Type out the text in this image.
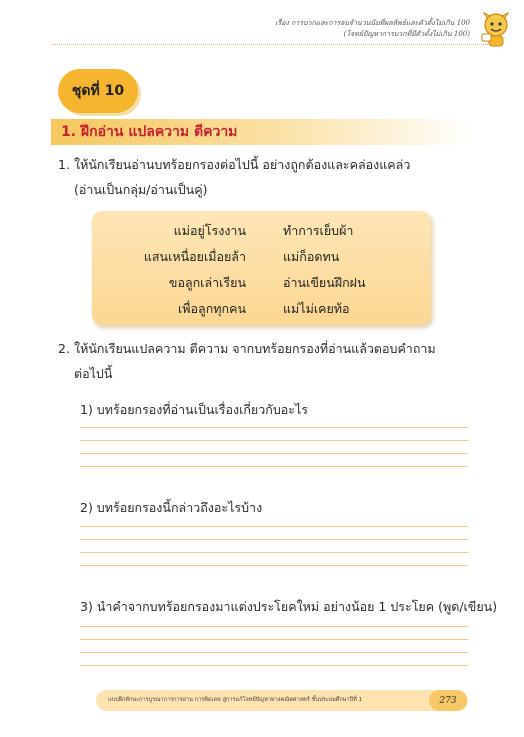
เรื่อง การบวกและการลบจำนวนนับที่ผลลัพธ์และตัวตั้งไม่เกิน 100
(โจทย์ปัญหาการบวกที่มีตัวตั้งไม่เกิน 100)
ชุดที่ 10
1. ฝึกอ่าน แปลความ ตีความ
1. ให้นักเรียนอ่านบทร้อยกรองต่อไปนี้ อย่างถูกต้องและคล่องแคล่ว
(อ่านเป็นกลุ่ม/อ่านเป็นคู่)
แม่อยู่โรงงาน	ทำการเย็บผ้า
แสนเหนื่อยเมื่อยล้า	แม่ก็อดทน
ขอลูกเล่าเรียน	อ่านเขียนฝึกฝน
เพื่อลูกทุกคน	แม่ไม่เคยท้อ
2. ให้นักเรียนแปลความ ตีความ จากบทร้อยกรองที่อ่านแล้วตอบคำถาม
ต่อไปนี้
1) บทร้อยกรองที่อ่านเป็นเรื่องเกี่ยวกับอะไร
2) บทร้อยกรองนี้กล่าวถึงอะไรบ้าง
3) นำคำจากบทร้อยกรองมาแต่งประโยคใหม่ อย่างน้อย 1 ประโยค (พูด/เขียน)
แบบฝึกทักษะการบูรณาการการอ่าน การคิดเลข สู่การแก้โจทย์ปัญหาทางคณิตศาสตร์ ชั้นประถมศึกษาปีที่ 1	273
